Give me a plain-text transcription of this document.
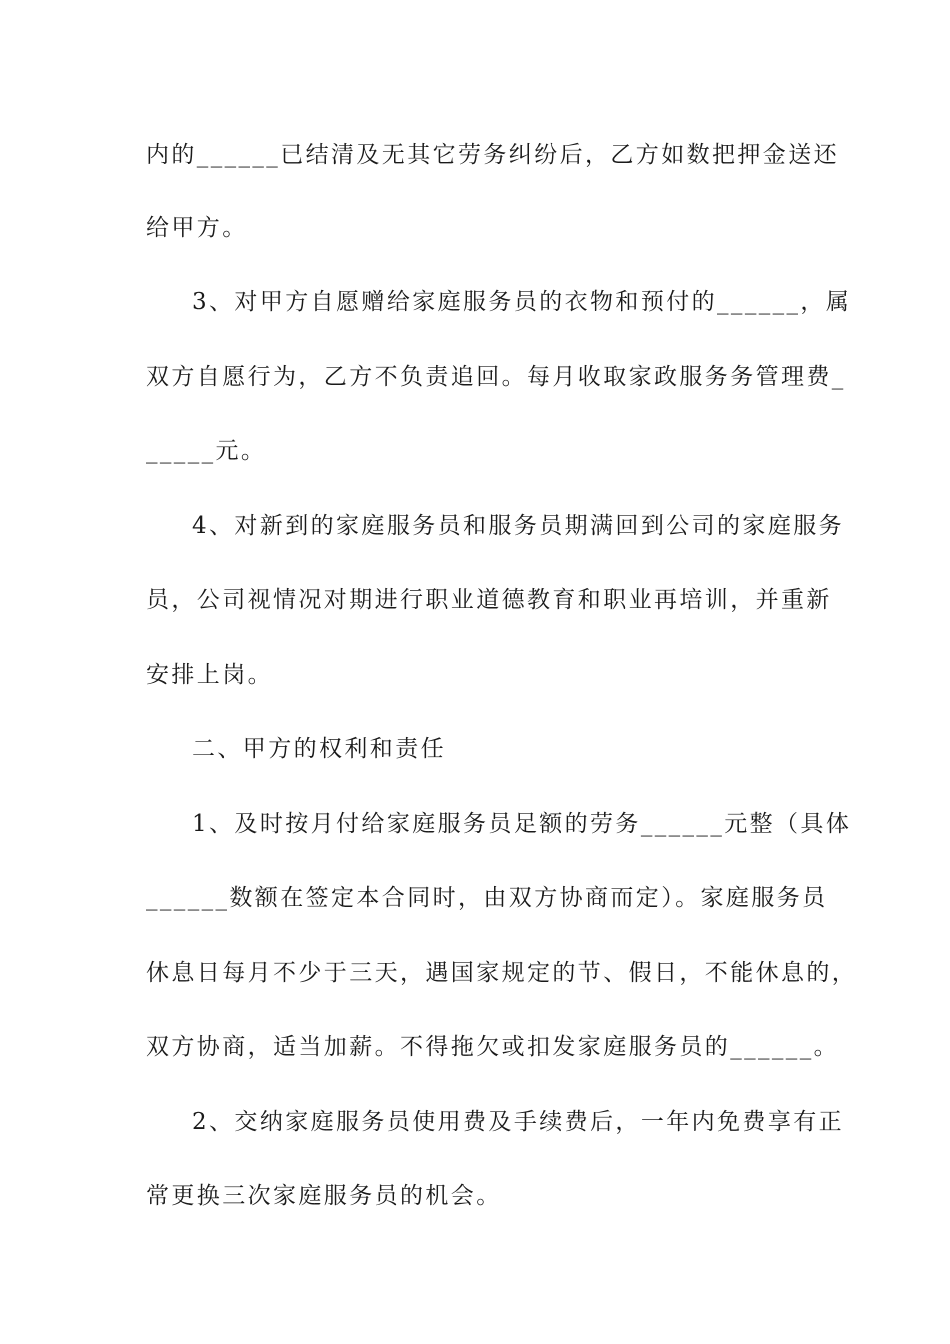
内的______已结清及无其它劳务纠纷后，乙方如数把押金送还
给甲方。
3、对甲方自愿赠给家庭服务员的衣物和预付的______，属
双方自愿行为，乙方不负责追回。每月收取家政服务务管理费_
_____元。
4、对新到的家庭服务员和服务员期满回到公司的家庭服务
员，公司视情况对期进行职业道德教育和职业再培训，并重新
安排上岗。
二、甲方的权利和责任
1、及时按月付给家庭服务员足额的劳务______元整（具体
______数额在签定本合同时，由双方协商而定）。家庭服务员
休息日每月不少于三天，遇国家规定的节、假日，不能休息的，
双方协商，适当加薪。不得拖欠或扣发家庭服务员的______。
2、交纳家庭服务员使用费及手续费后，一年内免费享有正
常更换三次家庭服务员的机会。
